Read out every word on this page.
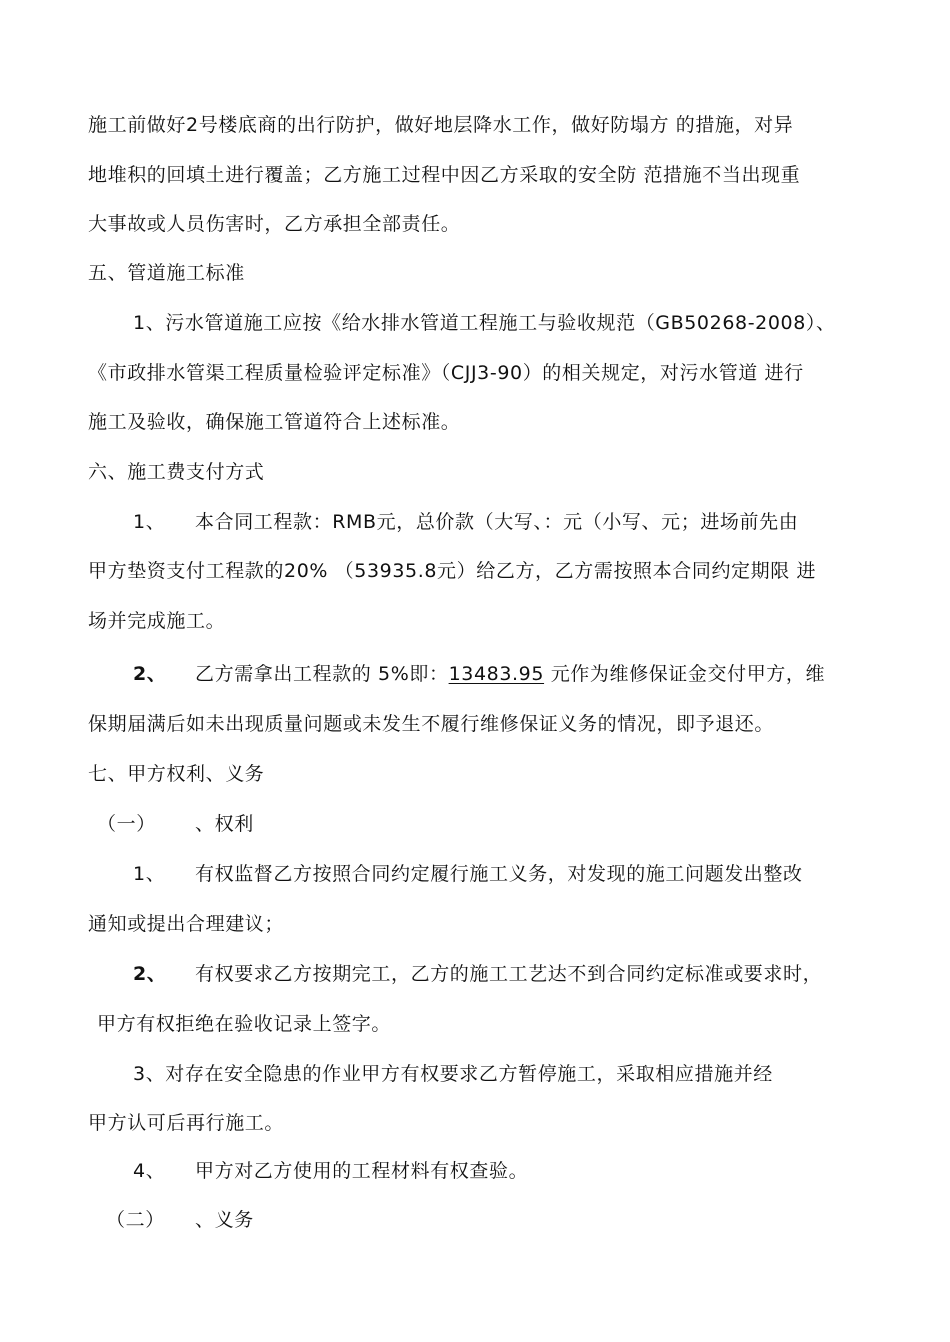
施工前做好2号楼底商的出行防护，做好地层降水工作，做好防塌方 的措施，对异
地堆积的回填土进行覆盖；乙方施工过程中因乙方采取的安全防 范措施不当出现重
大事故或人员伤害时，乙方承担全部责任。
五、管道施工标准
1、污水管道施工应按《给水排水管道工程施工与验收规范（GB50268-2008）、
《市政排水管渠工程质量检验评定标准》（CJJ3-90）的相关规定，对污水管道 进行
施工及验收，确保施工管道符合上述标准。
六、施工费支付方式
1、 本合同工程款：RMB元，总价款（大写、：元（小写、元；进场前先由
甲方垫资支付工程款的20% （53935.8元）给乙方，乙方需按照本合同约定期限 进
场并完成施工。
2、 乙方需拿出工程款的 5%即：13483.95 元作为维修保证金交付甲方，维
保期届满后如未出现质量问题或未发生不履行维修保证义务的情况，即予退还。
七、甲方权利、义务
（一） 、权利
1、 有权监督乙方按照合同约定履行施工义务，对发现的施工问题发出整改
通知或提出合理建议；
2、 有权要求乙方按期完工，乙方的施工工艺达不到合同约定标准或要求时，
甲方有权拒绝在验收记录上签字。
3、对存在安全隐患的作业甲方有权要求乙方暂停施工，采取相应措施并经
甲方认可后再行施工。
4、 甲方对乙方使用的工程材料有权查验。
（二） 、义务
